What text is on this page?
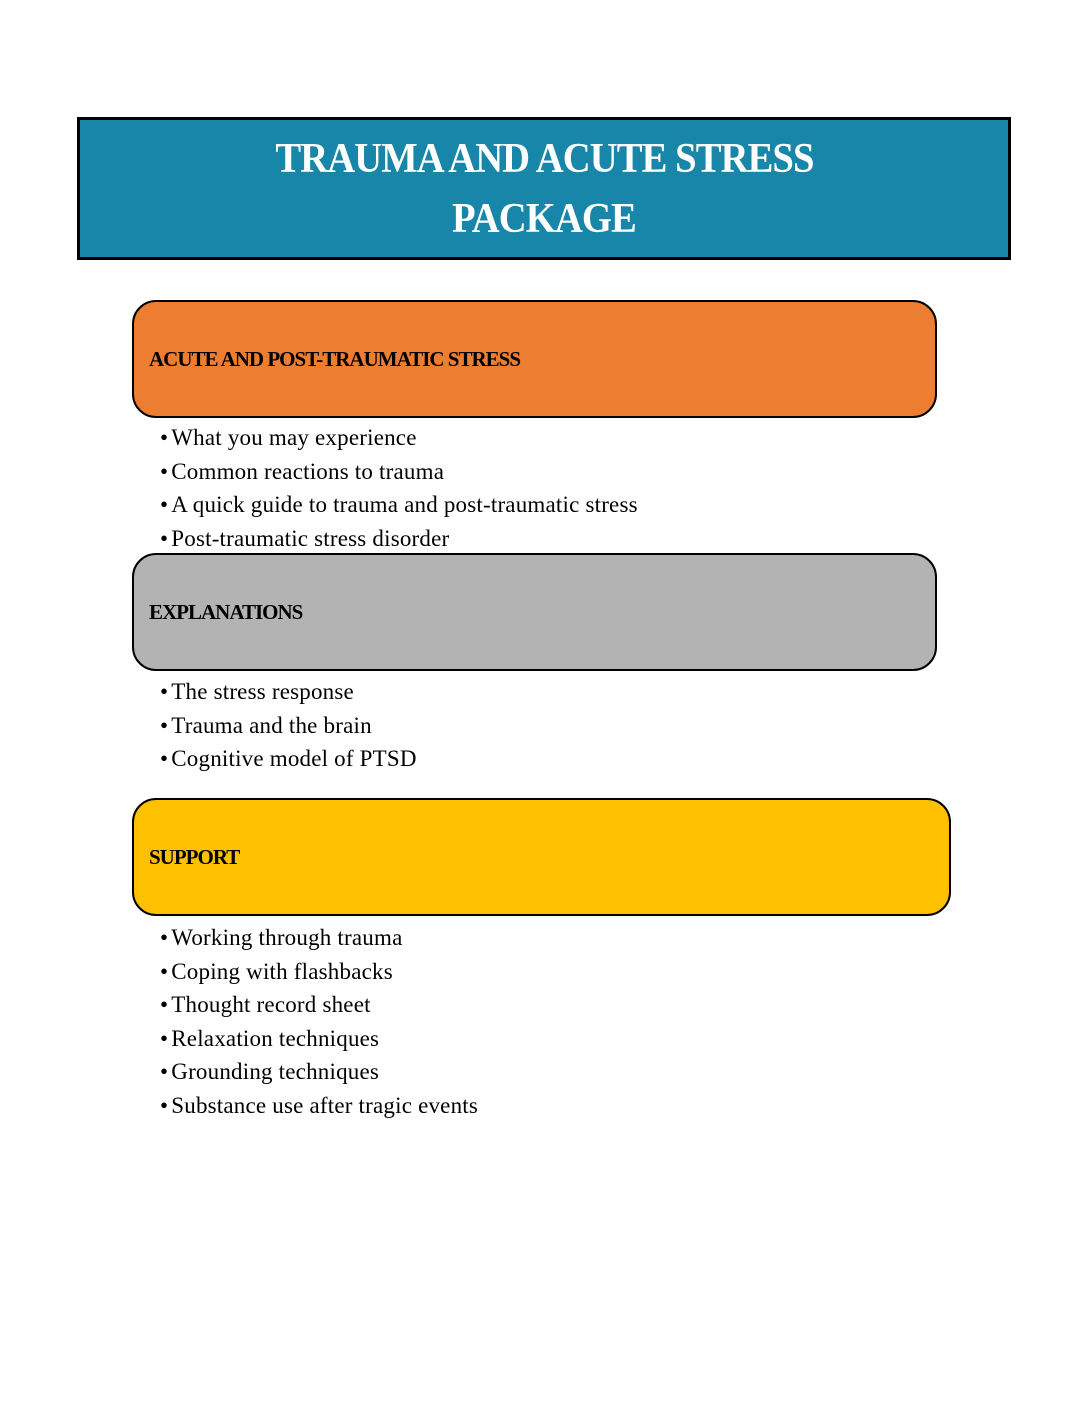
TRAUMA AND ACUTE STRESS
PACKAGE
ACUTE AND POST-TRAUMATIC STRESS
• What you may experience
• Common reactions to trauma
• A quick guide to trauma and post-traumatic stress
• Post-traumatic stress disorder
EXPLANATIONS
• The stress response
• Trauma and the brain
• Cognitive model of PTSD
SUPPORT
• Working through trauma
• Coping with flashbacks
• Thought record sheet
• Relaxation techniques
• Grounding techniques
• Substance use after tragic events
